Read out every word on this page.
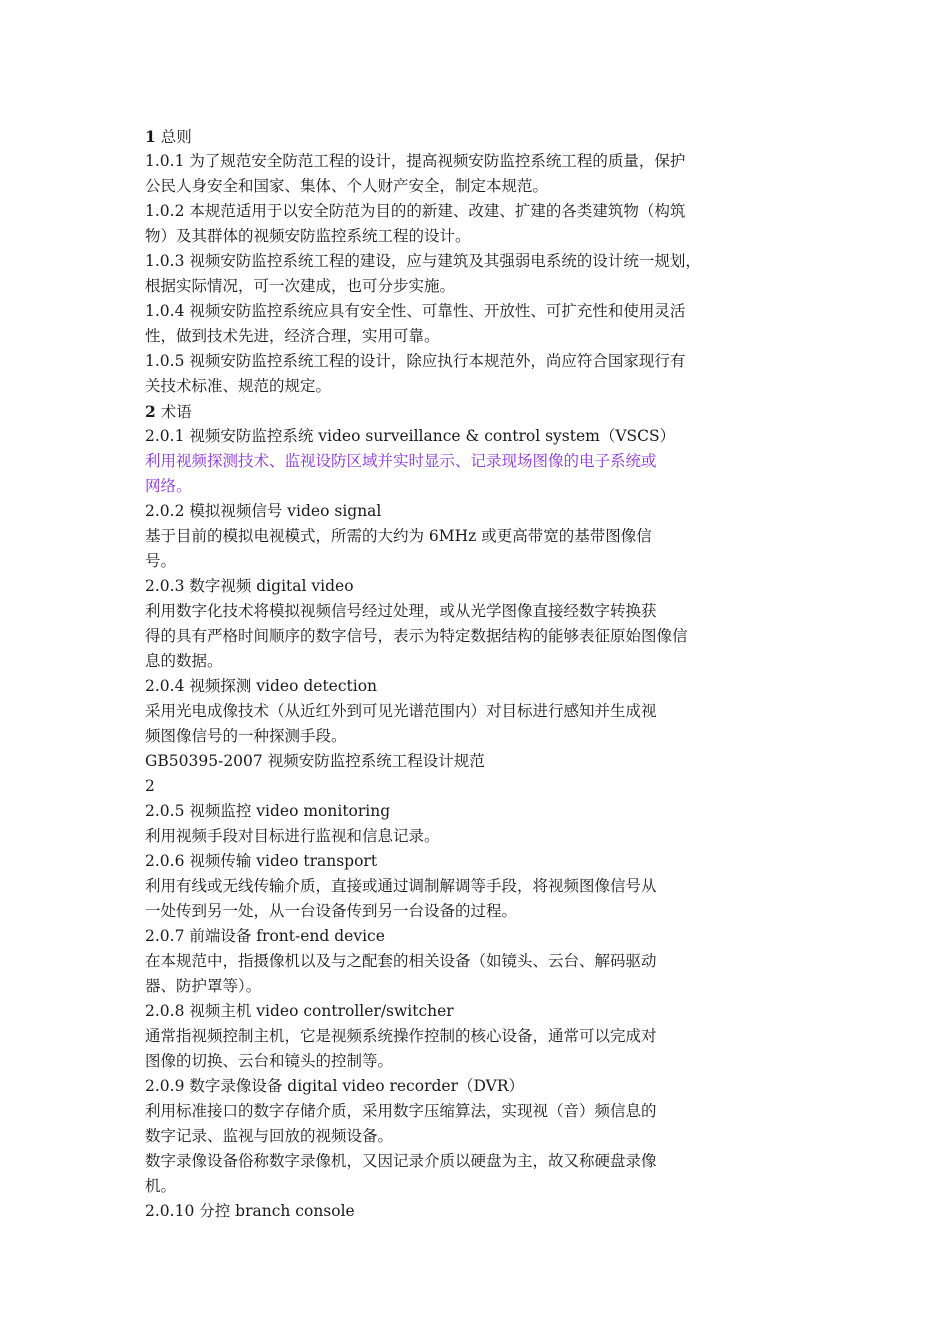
1 总则
1.0.1 为了规范安全防范工程的设计，提高视频安防监控系统工程的质量，保护
公民人身安全和国家、集体、个人财产安全，制定本规范。
1.0.2 本规范适用于以安全防范为目的的新建、改建、扩建的各类建筑物（构筑
物）及其群体的视频安防监控系统工程的设计。
1.0.3 视频安防监控系统工程的建设，应与建筑及其强弱电系统的设计统一规划，
根据实际情况，可一次建成，也可分步实施。
1.0.4 视频安防监控系统应具有安全性、可靠性、开放性、可扩充性和使用灵活
性，做到技术先进，经济合理，实用可靠。
1.0.5 视频安防监控系统工程的设计，除应执行本规范外，尚应符合国家现行有
关技术标准、规范的规定。
2 术语
2.0.1 视频安防监控系统 video surveillance & control system（VSCS）
利用视频探测技术、监视设防区域并实时显示、记录现场图像的电子系统或
网络。
2.0.2 模拟视频信号 video signal
基于目前的模拟电视模式，所需的大约为 6MHz 或更高带宽的基带图像信
号。
2.0.3 数字视频 digital video
利用数字化技术将模拟视频信号经过处理，或从光学图像直接经数字转换获
得的具有严格时间顺序的数字信号，表示为特定数据结构的能够表征原始图像信
息的数据。
2.0.4 视频探测 video detection
采用光电成像技术（从近红外到可见光谱范围内）对目标进行感知并生成视
频图像信号的一种探测手段。
GB50395-2007 视频安防监控系统工程设计规范
2
2.0.5 视频监控 video monitoring
利用视频手段对目标进行监视和信息记录。
2.0.6 视频传输 video transport
利用有线或无线传输介质，直接或通过调制解调等手段，将视频图像信号从
一处传到另一处，从一台设备传到另一台设备的过程。
2.0.7 前端设备 front-end device
在本规范中，指摄像机以及与之配套的相关设备（如镜头、云台、解码驱动
器、防护罩等）。
2.0.8 视频主机 video controller/switcher
通常指视频控制主机，它是视频系统操作控制的核心设备，通常可以完成对
图像的切换、云台和镜头的控制等。
2.0.9 数字录像设备 digital video recorder（DVR）
利用标准接口的数字存储介质，采用数字压缩算法，实现视（音）频信息的
数字记录、监视与回放的视频设备。
数字录像设备俗称数字录像机，又因记录介质以硬盘为主，故又称硬盘录像
机。
2.0.10 分控 branch console
